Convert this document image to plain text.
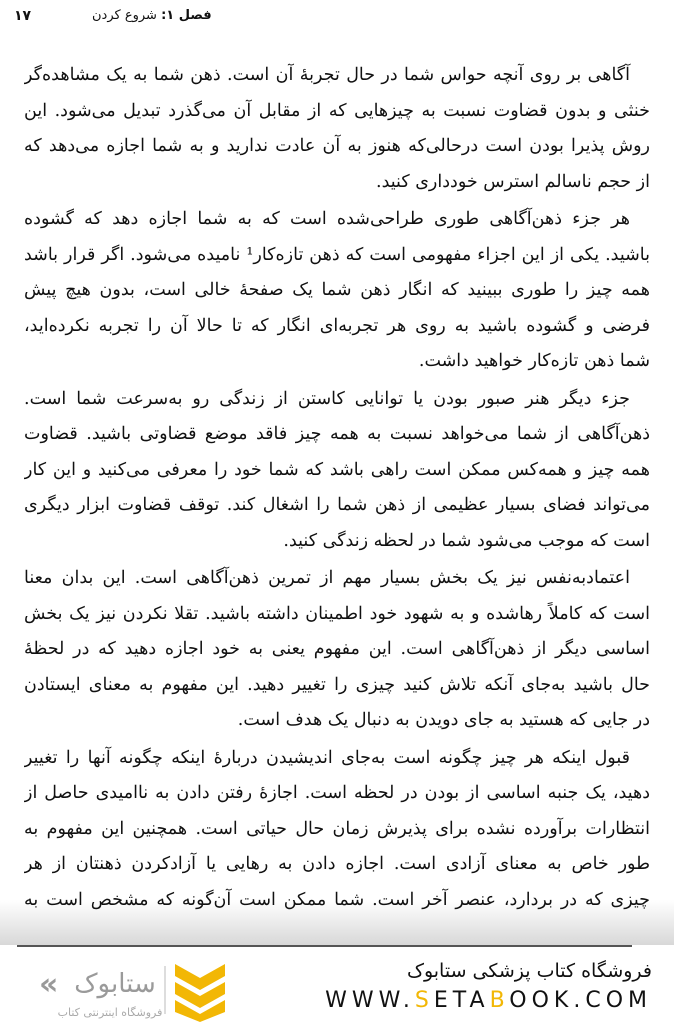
۱۷	فصل ۱: شروع کردن
آگاهی بر روی آنچه حواس شما در حال تجربهٔ آن است. ذهن شما به یک مشاهده‌گر
خنثی و بدون قضاوت نسبت به چیزهایی که از مقابل آن می‌گذرد تبدیل می‌شود. این
روش پذیرا بودن است درحالی‌که هنوز به آن عادت ندارید و به شما اجازه می‌دهد که
از حجم ناسالم استرس خودداری کنید.
هر جزء ذهن‌آگاهی طوری طراحی‌شده است که به شما اجازه دهد که گشوده
باشید. یکی از این اجزاء مفهومی است که ذهن تازه‌کار¹ نامیده می‌شود. اگر قرار باشد
همه چیز را طوری ببینید که انگار ذهن شما یک صفحهٔ خالی است، بدون هیچ پیش
فرضی و گشوده باشید به روی هر تجربه‌ای انگار که تا حالا آن را تجربه نکرده‌اید،
شما ذهن تازه‌کار خواهید داشت.
جزء دیگر هنر صبور بودن یا توانایی کاستن از زندگی رو به‌سرعت شما است.
ذهن‌آگاهی از شما می‌خواهد نسبت به همه چیز فاقد موضع قضاوتی باشید. قضاوت
همه چیز و همه‌کس ممکن است راهی باشد که شما خود را معرفی می‌کنید و این کار
می‌تواند فضای بسیار عظیمی از ذهن شما را اشغال کند. توقف قضاوت ابزار دیگری
است که موجب می‌شود شما در لحظه زندگی کنید.
اعتمادبه‌نفس نیز یک بخش بسیار مهم از تمرین ذهن‌آگاهی است. این بدان معنا
است که کاملاً رهاشده و به شهود خود اطمینان داشته باشید. تقلا نکردن نیز یک بخش
اساسی دیگر از ذهن‌آگاهی است. این مفهوم یعنی به خود اجازه دهید که در لحظهٔ
حال باشید به‌جای آنکه تلاش کنید چیزی را تغییر دهید. این مفهوم به معنای ایستادن
در جایی که هستید به جای دویدن به دنبال یک هدف است.
قبول اینکه هر چیز چگونه است به‌جای اندیشیدن دربارهٔ اینکه چگونه آنها را تغییر
دهید، یک جنبه اساسی از بودن در لحظه است. اجازهٔ رفتن دادن به ناامیدی حاصل از
انتظارات برآورده نشده برای پذیرش زمان حال حیاتی است. همچنین این مفهوم به
طور خاص به معنای آزادی است. اجازه دادن به رهایی یا آزادکردن ذهنتان از هر
چیزی که در بردارد، عنصر آخر است. شما ممکن است آن‌گونه که مشخص است به
فروشگاه کتاب پزشکی ستابوک
WWW.SETABOOK.COM
« ستابوک
فروشگاه اینترنتی کتاب
